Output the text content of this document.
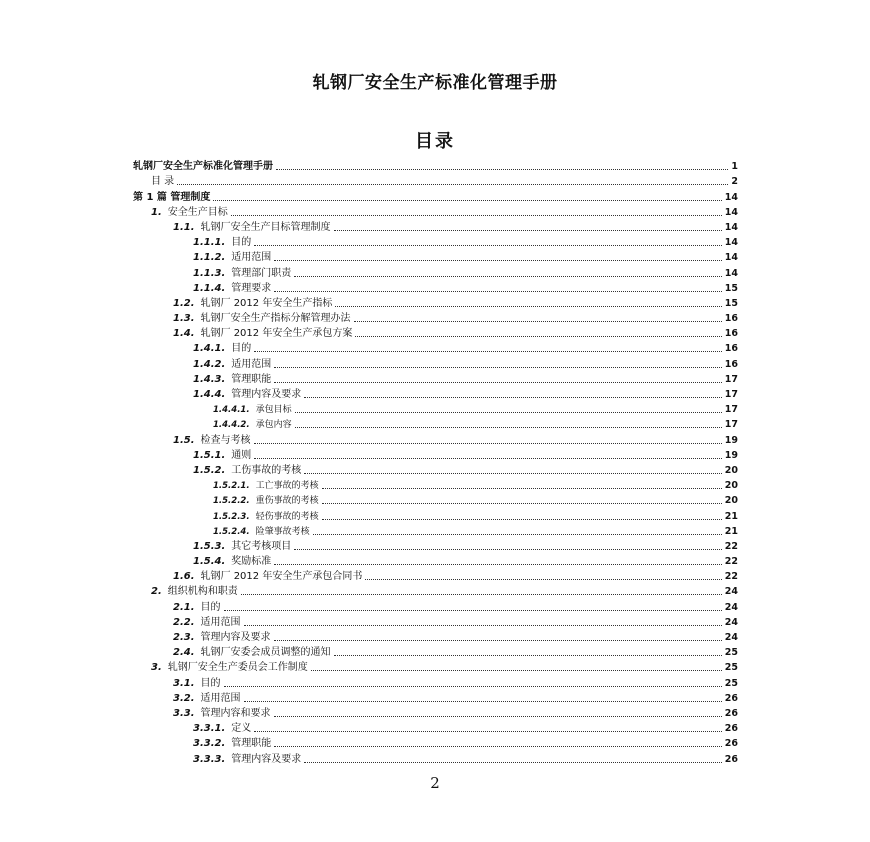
轧钢厂安全生产标准化管理手册
目录
轧钢厂安全生产标准化管理手册	1
目 录	2
第 1 篇 管理制度	14
1. 安全生产目标	14
1.1. 轧钢厂安全生产目标管理制度	14
1.1.1. 目的	14
1.1.2. 适用范围	14
1.1.3. 管理部门职责	14
1.1.4. 管理要求	15
1.2. 轧钢厂 2012 年安全生产指标	15
1.3. 轧钢厂安全生产指标分解管理办法	16
1.4. 轧钢厂 2012 年安全生产承包方案	16
1.4.1. 目的	16
1.4.2. 适用范围	16
1.4.3. 管理职能	17
1.4.4. 管理内容及要求	17
1.4.4.1. 承包目标	17
1.4.4.2. 承包内容	17
1.5. 检查与考核	19
1.5.1. 通则	19
1.5.2. 工伤事故的考核	20
1.5.2.1. 工亡事故的考核	20
1.5.2.2. 重伤事故的考核	20
1.5.2.3. 轻伤事故的考核	21
1.5.2.4. 险肇事故考核	21
1.5.3. 其它考核项目	22
1.5.4. 奖励标准	22
1.6. 轧钢厂 2012 年安全生产承包合同书	22
2. 组织机构和职责	24
2.1. 目的	24
2.2. 适用范围	24
2.3. 管理内容及要求	24
2.4. 轧钢厂安委会成员调整的通知	25
3. 轧钢厂安全生产委员会工作制度	25
3.1. 目的	25
3.2. 适用范围	26
3.3. 管理内容和要求	26
3.3.1. 定义	26
3.3.2. 管理职能	26
3.3.3. 管理内容及要求	26
2
